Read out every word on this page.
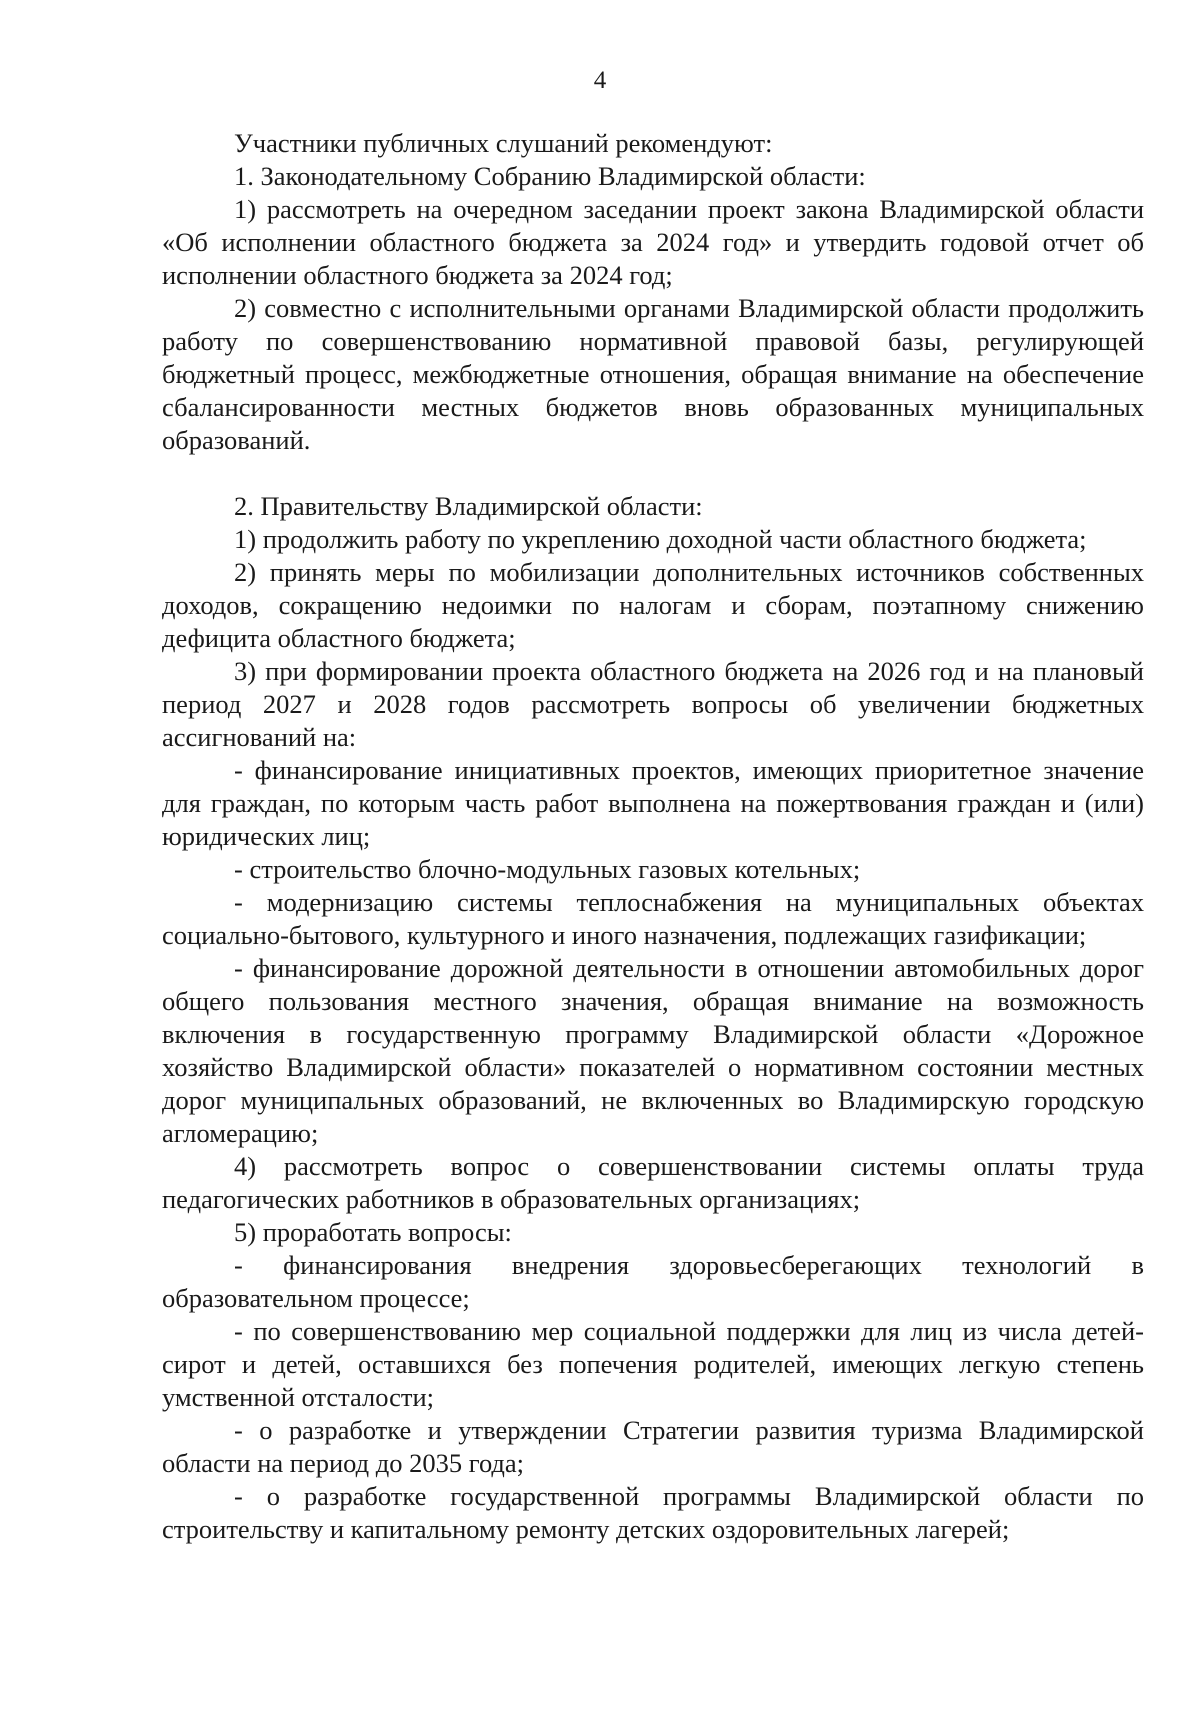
4

Участники публичных слушаний рекомендуют:

1. Законодательному Собранию Владимирской области:

1) рассмотреть на очередном заседании проект закона Владимирской области «Об исполнении областного бюджета за 2024 год» и утвердить годовой отчет об исполнении областного бюджета за 2024 год;

2) совместно с исполнительными органами Владимирской области продолжить работу по совершенствованию нормативной правовой базы, регулирующей бюджетный процесс, межбюджетные отношения, обращая внимание на обеспечение сбалансированности местных бюджетов вновь образованных муниципальных образований.

2. Правительству Владимирской области:

1) продолжить работу по укреплению доходной части областного бюджета;

2) принять меры по мобилизации дополнительных источников собственных доходов, сокращению недоимки по налогам и сборам, поэтапному снижению дефицита областного бюджета;

3) при формировании проекта областного бюджета на 2026 год и на плановый период 2027 и 2028 годов рассмотреть вопросы об увеличении бюджетных ассигнований на:

- финансирование инициативных проектов, имеющих приоритетное значение для граждан, по которым часть работ выполнена на пожертвования граждан и (или) юридических лиц;

- строительство блочно-модульных газовых котельных;

- модернизацию системы теплоснабжения на муниципальных объектах социально-бытового, культурного и иного назначения, подлежащих газификации;

- финансирование дорожной деятельности в отношении автомобильных дорог общего пользования местного значения, обращая внимание на возможность включения в государственную программу Владимирской области «Дорожное хозяйство Владимирской области» показателей о нормативном состоянии местных дорог муниципальных образований, не включенных во Владимирскую городскую агломерацию;

4) рассмотреть вопрос о совершенствовании системы оплаты труда педагогических работников в образовательных организациях;

5) проработать вопросы:

- финансирования внедрения здоровьесберегающих технологий в образовательном процессе;

- по совершенствованию мер социальной поддержки для лиц из числа детей-сирот и детей, оставшихся без попечения родителей, имеющих легкую степень умственной отсталости;

- о разработке и утверждении Стратегии развития туризма Владимирской области на период до 2035 года;

- о разработке государственной программы Владимирской области по строительству и капитальному ремонту детских оздоровительных лагерей;
